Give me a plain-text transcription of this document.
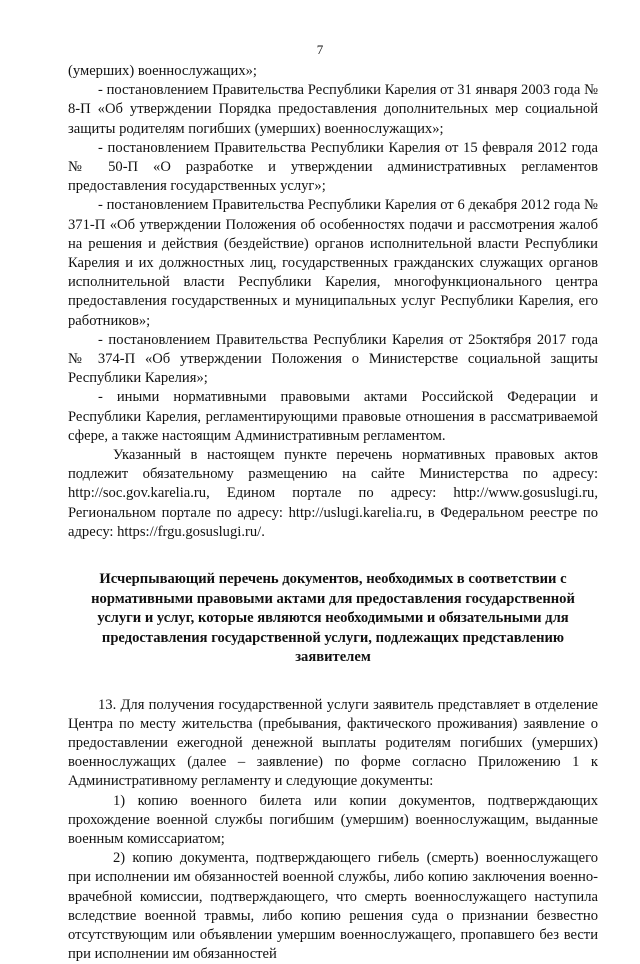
7

(умерших) военнослужащих»;

- постановлением Правительства Республики Карелия от 31 января 2003 года № 8-П «Об утверждении Порядка предоставления дополнительных мер социальной защиты родителям погибших (умерших) военнослужащих»;

- постановлением Правительства Республики Карелия от 15 февраля 2012 года № 50-П «О разработке и утверждении административных регламентов предоставления государственных услуг»;

- постановлением Правительства Республики Карелия от 6 декабря 2012 года № 371-П «Об утверждении Положения об особенностях подачи и рассмотрения жалоб на решения и действия (бездействие) органов исполнительной власти Республики Карелия и их должностных лиц, государственных гражданских служащих органов исполнительной власти Республики Карелия, многофункционального центра предоставления государственных и муниципальных услуг Республики Карелия, его работников»;

- постановлением Правительства Республики Карелия от 25октября 2017 года № 374-П «Об утверждении Положения о Министерстве социальной защиты Республики Карелия»;

- иными нормативными правовыми актами Российской Федерации и Республики Карелия, регламентирующими правовые отношения в рассматриваемой сфере, а также настоящим Административным регламентом.

Указанный в настоящем пункте перечень нормативных правовых актов подлежит обязательному размещению на сайте Министерства по адресу: http://soc.gov.karelia.ru, Едином портале по адресу: http://www.gosuslugi.ru, Региональном портале по адресу: http://uslugi.karelia.ru, в Федеральном реестре по адресу: https://frgu.gosuslugi.ru/.

Исчерпывающий перечень документов, необходимых в соответствии с нормативными правовыми актами для предоставления государственной услуги и услуг, которые являются необходимыми и обязательными для предоставления государственной услуги, подлежащих представлению заявителем

13. Для получения государственной услуги заявитель представляет в отделение Центра по месту жительства (пребывания, фактического проживания) заявление о предоставлении ежегодной денежной выплаты родителям погибших (умерших) военнослужащих (далее – заявление) по форме согласно Приложению 1 к Административному регламенту и следующие документы:

1) копию военного билета или копии документов, подтверждающих прохождение военной службы погибшим (умершим) военнослужащим, выданные военным комиссариатом;

2) копию документа, подтверждающего гибель (смерть) военнослужащего при исполнении им обязанностей военной службы, либо копию заключения военно-врачебной комиссии, подтверждающего, что смерть военнослужащего наступила вследствие военной травмы, либо копию решения суда о признании безвестно отсутствующим или объявлении умершим военнослужащего, пропавшего без вести при исполнении им обязанностей
